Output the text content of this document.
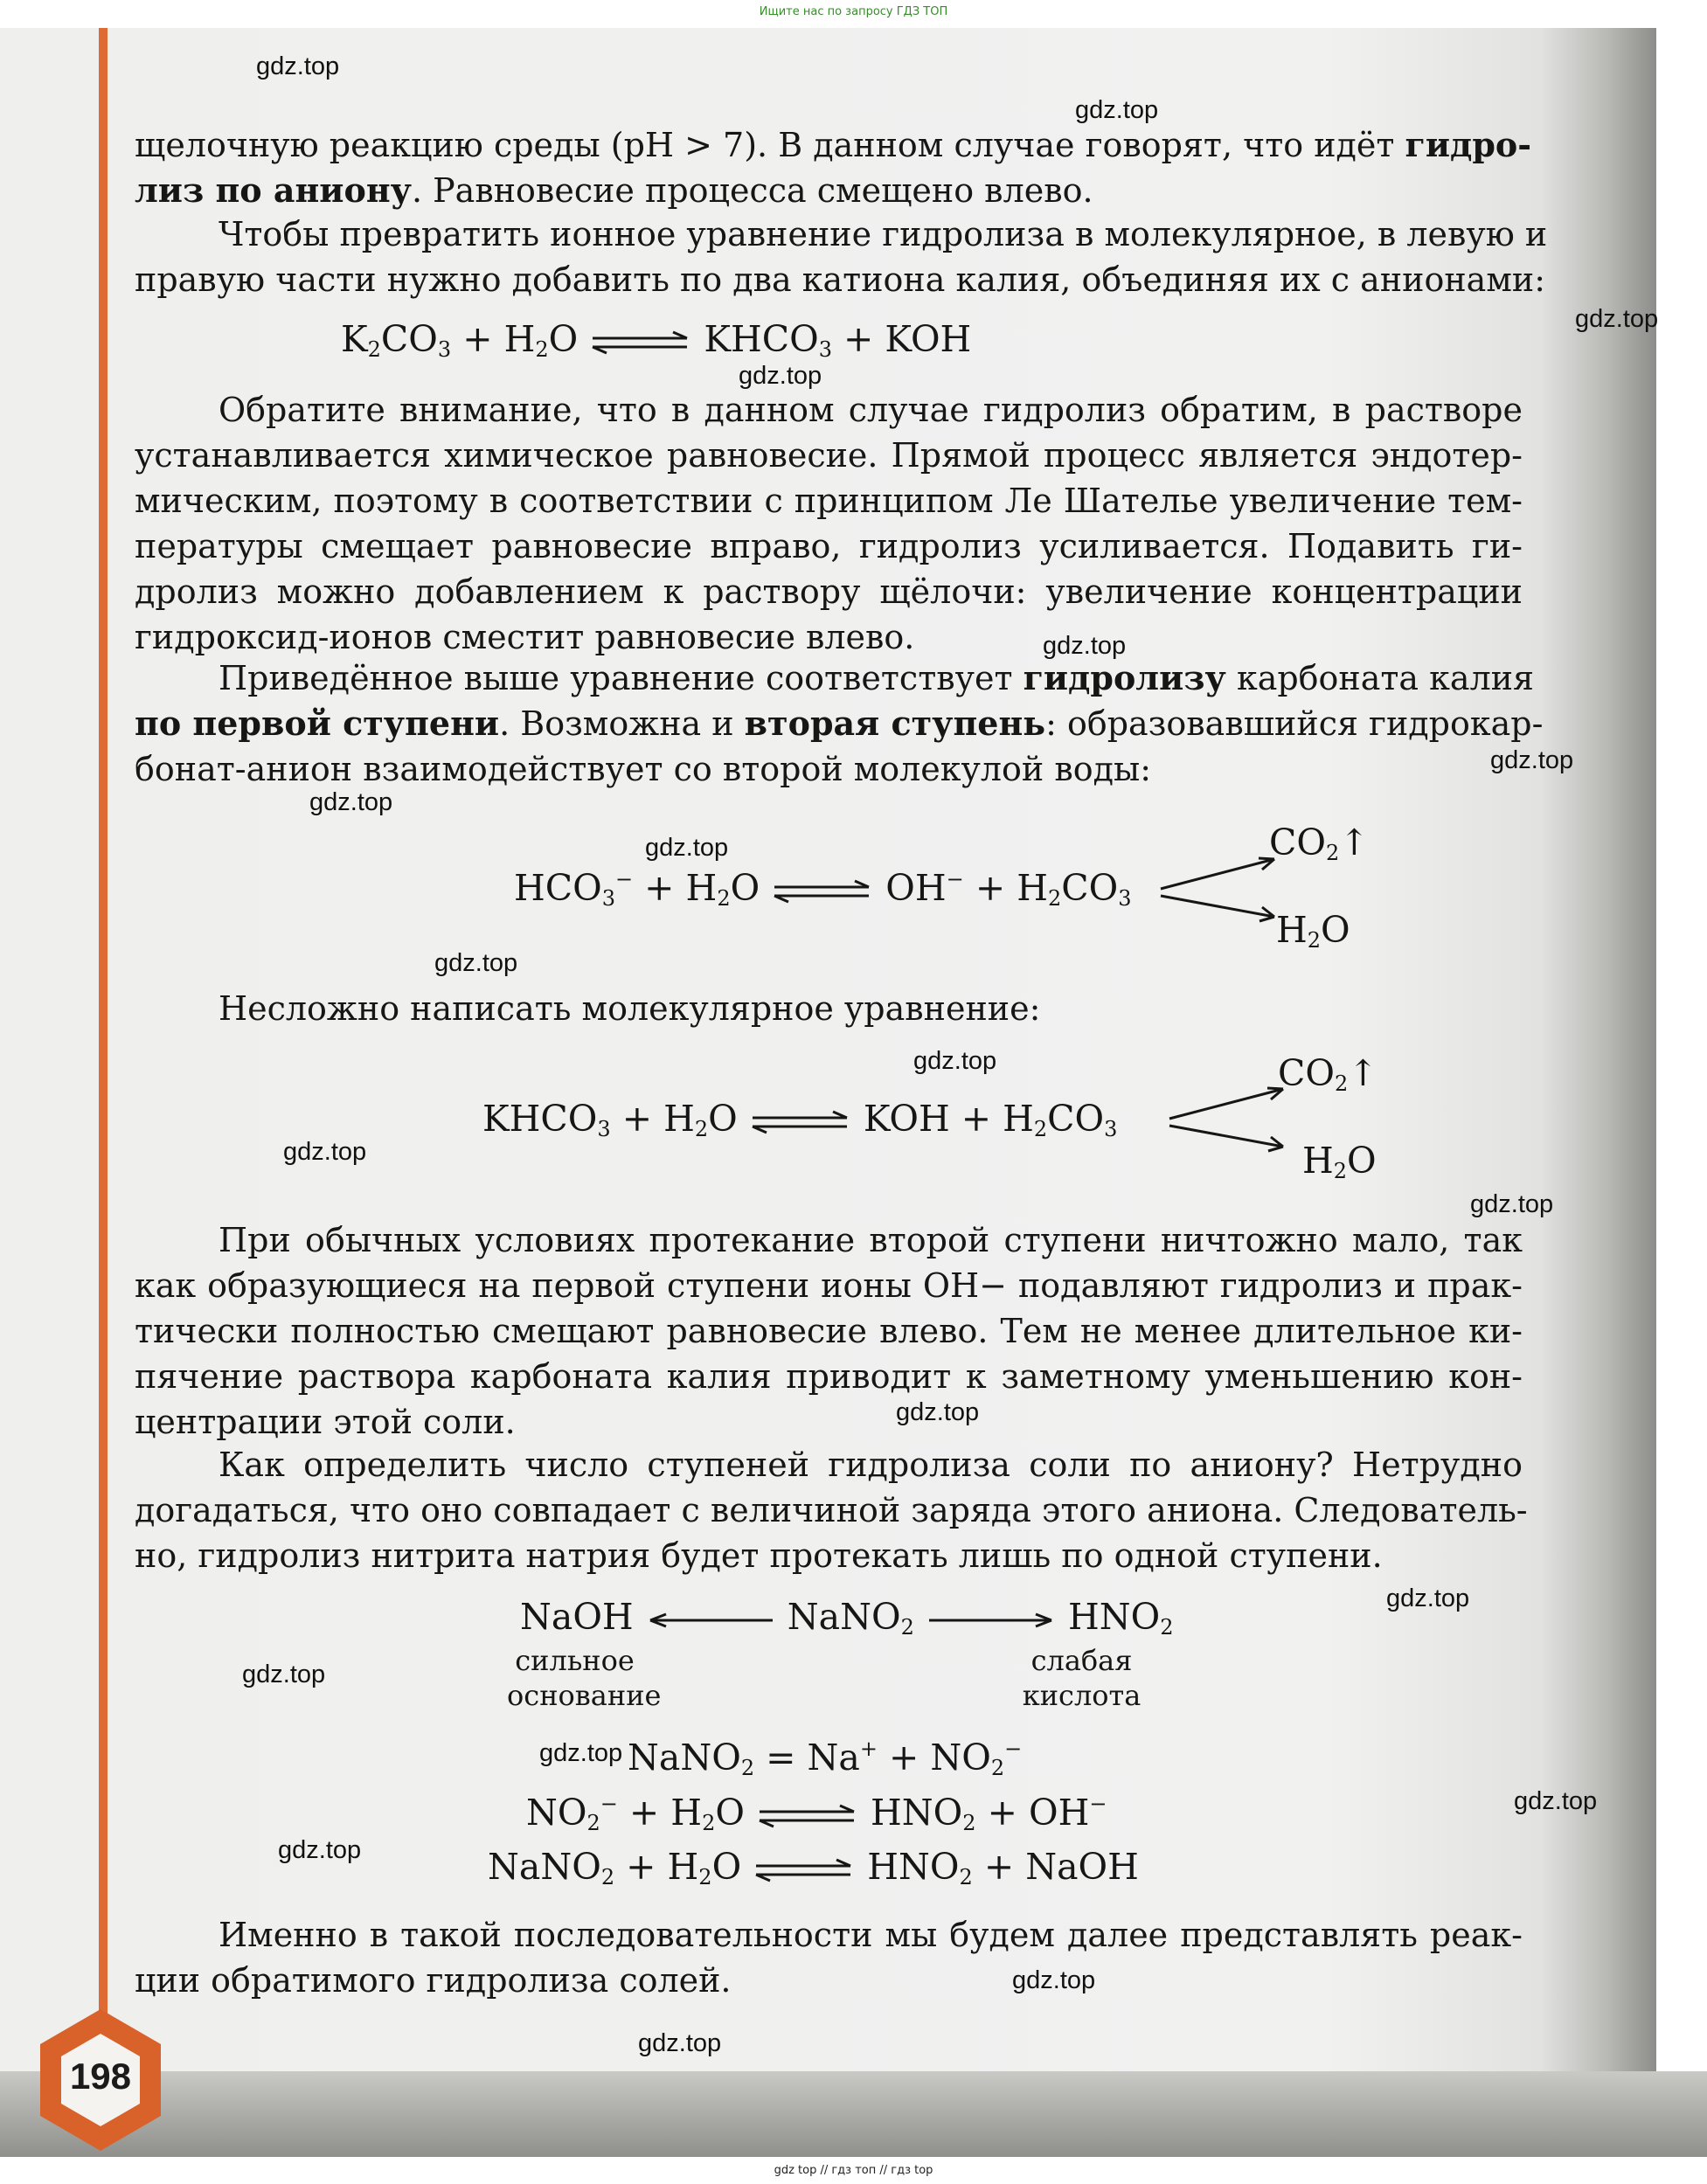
Ищите нас по запросу ГДЗ ТОП
gdz top // гдз топ // гдз top
щелочную реакцию среды (pH > 7). В данном случае говорят, что идёт гидро-
лиз по аниону. Равновесие процесса смещено влево.
Чтобы превратить ионное уравнение гидролиза в молекулярное, в левую и
правую части нужно добавить по два катиона калия, объединяя их с анионами:
$K_2CO_3 + H_2O$ ⇌ $KHCO_3$ + KOH
Обратите внимание, что в данном случае гидролиз обратим, в растворе
устанавливается химическое равновесие. Прямой процесс является эндотер-
мическим, поэтому в соответствии с принципом Ле Шателье увеличение тем-
пературы смещает равновесие вправо, гидролиз усиливается. Подавить ги-
дролиз можно добавлением к раствору щёлочи: увеличение концентрации
гидроксид-ионов сместит равновесие влево.
Приведённое выше уравнение соответствует гидролизу карбоната калия
по первой ступени. Возможна и вторая ступень: образовавшийся гидрокар-
бонат-анион взаимодействует со второй молекулой воды:
$HCO_3^- + H_2O$ ⇌ $OH^- + H_2CO_3$
$CO_2↑$
$H_2O$
Несложно написать молекулярное уравнение:
$KHCO_3 + H_2O$ ⇌ KOH + $H_2CO_3$
$CO_2↑$
$H_2O$
При обычных условиях протекание второй ступени ничтожно мало, так
как образующиеся на первой ступени ионы OH− подавляют гидролиз и прак-
тически полностью смещают равновесие влево. Тем не менее длительное ки-
пячение раствора карбоната калия приводит к заметному уменьшению кон-
центрации этой соли.
Как определить число ступеней гидролиза соли по аниону? Нетрудно
догадаться, что оно совпадает с величиной заряда этого аниона. Следователь-
но, гидролиз нитрита натрия будет протекать лишь по одной ступени.
NaOH	NaNO$_2$	$HNO_2$
сильное
основание
слабая
кислота
NaNO$_2$ = $Na^+ + NO_2^-$
$NO_2^- + H_2O$ ⇌ $HNO_2 + OH^-$
NaNO$_2$ + $H_2O$ ⇌ $HNO_2$ + NaOH
Именно в такой последовательности мы будем далее представлять реак-
ции обратимого гидролиза солей.
gdz.top
gdz.top
gdz.top
gdz.top
gdz.top
gdz.top
gdz.top
gdz.top
gdz.top
gdz.top
gdz.top
gdz.top
gdz.top
gdz.top
gdz.top
gdz.top
gdz.top
gdz.top
gdz.top
gdz.top
198
